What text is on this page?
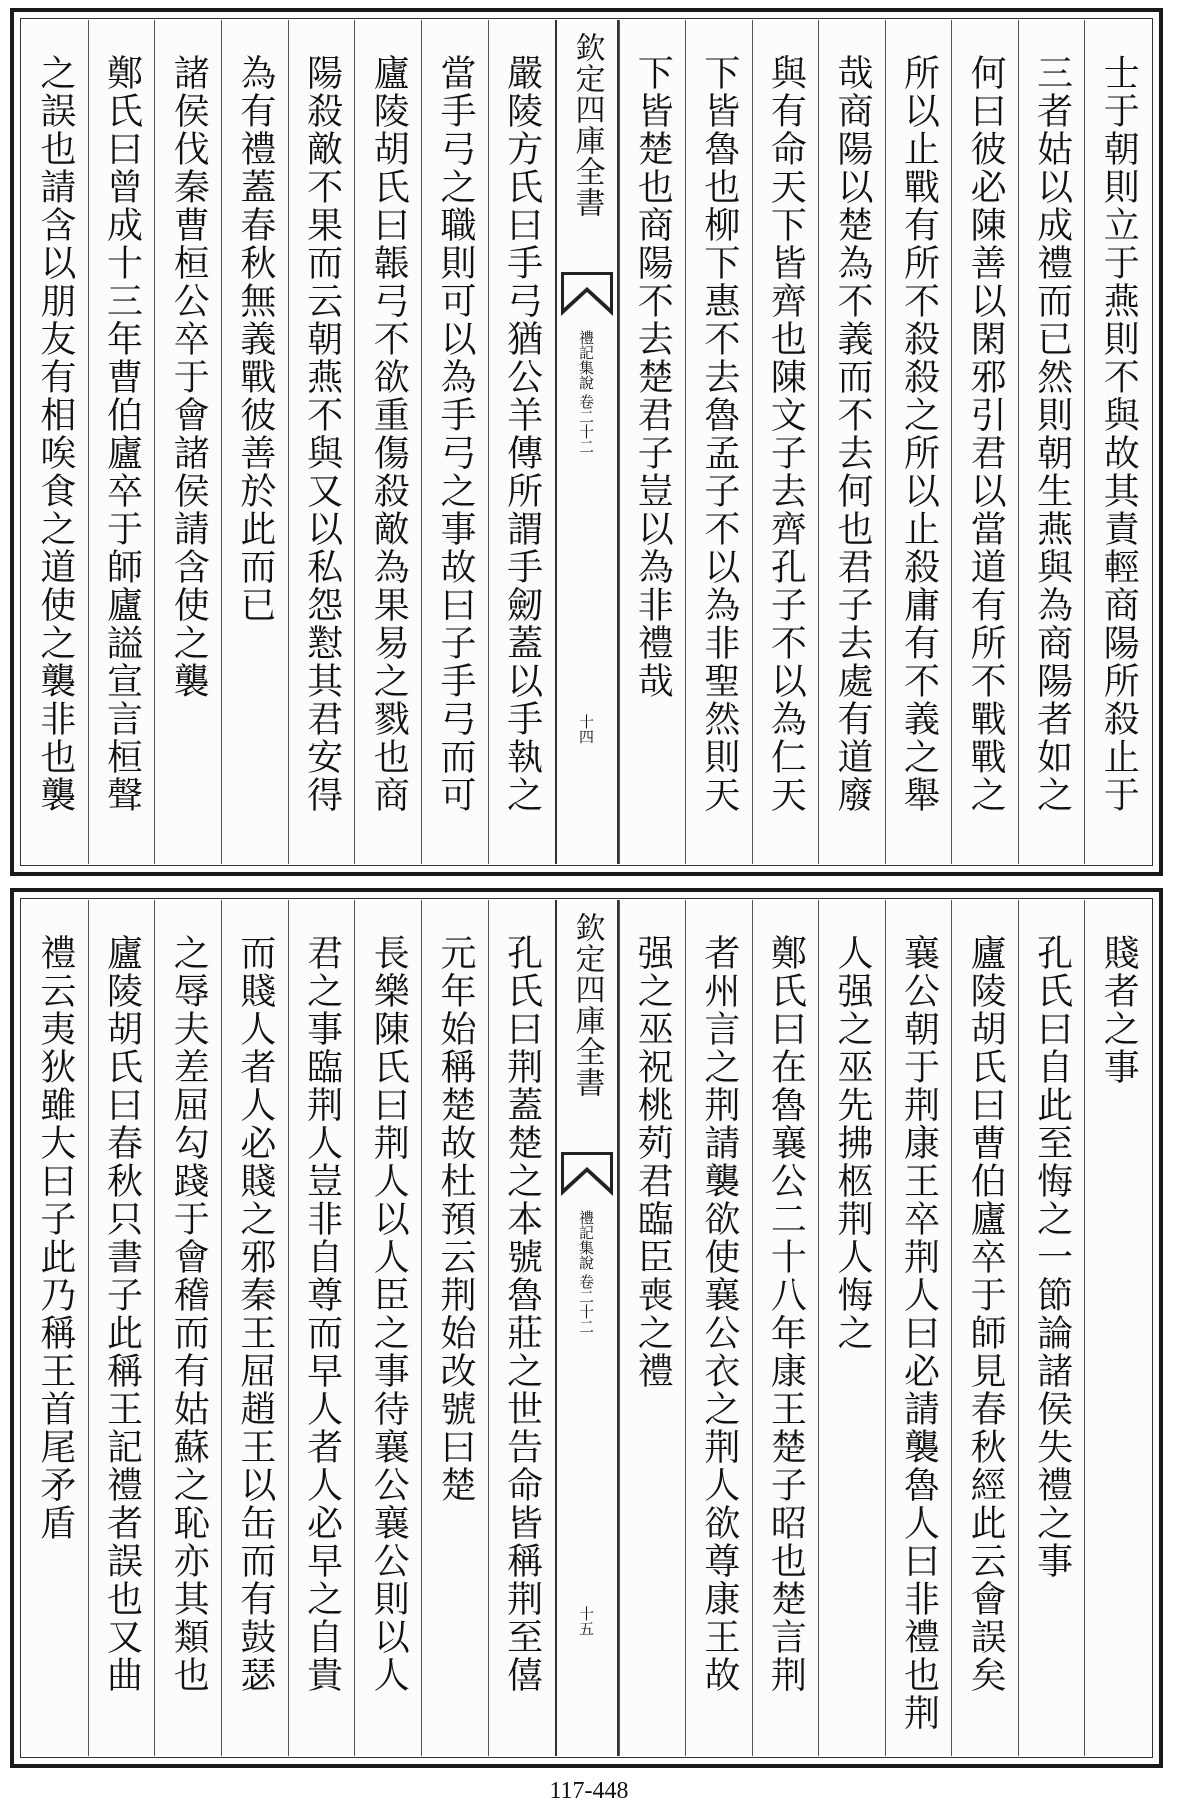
嚴陵方氏曰手弓猶公羊傳所謂手劒蓋以手執之
當手弓之職則可以為手弓之事故曰子手弓而可
廬陵胡氏曰韔弓不欲重傷殺敵為果易之戮也商
陽殺敵不果而云朝燕不與又以私怨懟其君安得
為有禮蓋春秋無義戰彼善於此而已
諸侯伐秦曹桓公卒于會諸侯請含使之襲
鄭氏曰曾成十三年曹伯廬卒于師廬謚宣言桓聲
之誤也請含以朋友有相唉食之道使之襲非也襲	欽定四庫全書
禮記集說
卷二十二
十四	士于朝則立于燕則不與故其責輕商陽所殺止于
三者姑以成禮而已然則朝生燕與為商陽者如之
何曰彼必陳善以閑邪引君以當道有所不戰戰之
所以止戰有所不殺殺之所以止殺庸有不義之舉
哉商陽以楚為不義而不去何也君子去處有道廢
與有命天下皆齊也陳文子去齊孔子不以為仁天
下皆魯也柳下惠不去魯孟子不以為非聖然則天
下皆楚也商陽不去楚君子豈以為非禮哉
孔氏曰荆蓋楚之本號魯莊之世告命皆稱荆至僖
元年始稱楚故杜預云荆始改號曰楚
長樂陳氏曰荆人以人臣之事待襄公襄公則以人
君之事臨荆人豈非自尊而早人者人必早之自貴
而賤人者人必賤之邪秦王屈趙王以缶而有鼓瑟
之辱夫差屈勾踐于會稽而有姑蘇之恥亦其類也
廬陵胡氏曰春秋只書子此稱王記禮者誤也又曲
禮云夷狄雖大曰子此乃稱王首尾矛盾	欽定四庫全書
禮記集說
卷二十二
十五
賤者之事
孔氏曰自此至悔之一節論諸侯失禮之事
廬陵胡氏曰曹伯廬卒于師見春秋經此云會誤矣
襄公朝于荆康王卒荆人曰必請襲魯人曰非禮也荆
人强之巫先拂柩荆人悔之
鄭氏曰在魯襄公二十八年康王楚子昭也楚言荆
者州言之荆請襲欲使襄公衣之荆人欲尊康王故
强之巫祝桃茢君臨臣喪之禮
117-448
